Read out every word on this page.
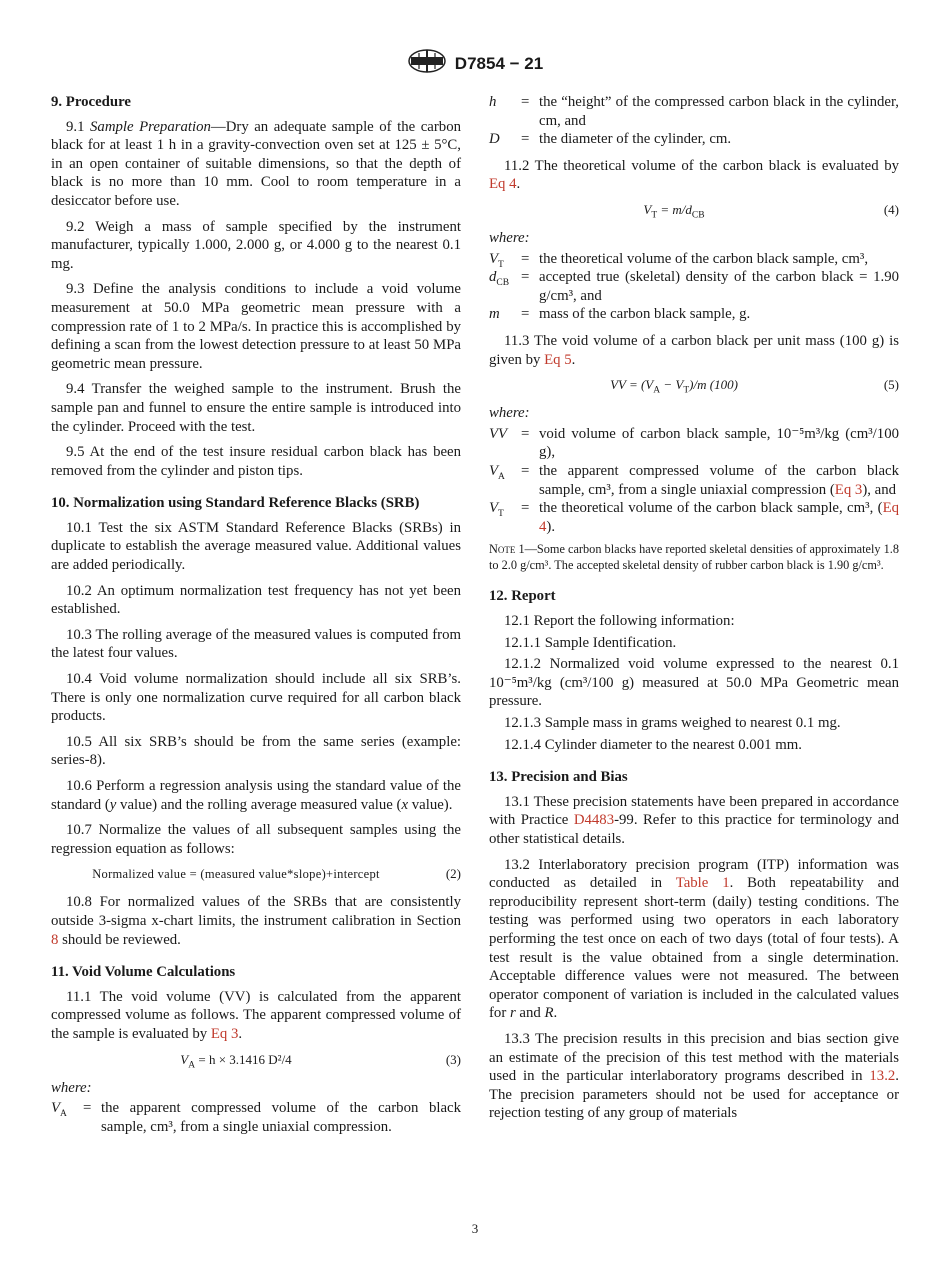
D7854 − 21
9. Procedure

9.1 Sample Preparation—Dry an adequate sample of the carbon black for at least 1 h in a gravity-convection oven set at 125 ± 5°C, in an open container of suitable dimensions, so that the depth of black is no more than 10 mm. Cool to room temperature in a desiccator before use.

9.2 Weigh a mass of sample specified by the instrument manufacturer, typically 1.000, 2.000 g, or 4.000 g to the nearest 0.1 mg.

9.3 Define the analysis conditions to include a void volume measurement at 50.0 MPa geometric mean pressure with a compression rate of 1 to 2 MPa/s. In practice this is accomplished by defining a scan from the lowest detection pressure to at least 50 MPa geometric mean pressure.

9.4 Transfer the weighed sample to the instrument. Brush the sample pan and funnel to ensure the entire sample is introduced into the cylinder. Proceed with the test.

9.5 At the end of the test insure residual carbon black has been removed from the cylinder and piston tips.

10. Normalization using Standard Reference Blacks (SRB)

10.1 Test the six ASTM Standard Reference Blacks (SRBs) in duplicate to establish the average measured value. Additional values are added periodically.

10.2 An optimum normalization test frequency has not yet been established.

10.3 The rolling average of the measured values is computed from the latest four values.

10.4 Void volume normalization should include all six SRB’s. There is only one normalization curve required for all carbon black products.

10.5 All six SRB’s should be from the same series (example: series-8).

10.6 Perform a regression analysis using the standard value of the standard (y value) and the rolling average measured value (x value).

10.7 Normalize the values of all subsequent samples using the regression equation as follows:

Normalized value = (measured value*slope)+intercept	(2)

10.8 For normalized values of the SRBs that are consistently outside 3-sigma x-chart limits, the instrument calibration in Section 8 should be reviewed.

11. Void Volume Calculations

11.1 The void volume (VV) is calculated from the apparent compressed volume as follows. The apparent compressed volume of the sample is evaluated by Eq 3.

$V_A = h \times 3.1416$ D²/4	(3)
where:
$V_A$	= the apparent compressed volume of the carbon black sample, cm³, from a single uniaxial compression.
h	= the “height” of the compressed carbon black in the cylinder, cm, and
D	= the diameter of the cylinder, cm.

11.2 The theoretical volume of the carbon black is evaluated by Eq 4.

$V_T = m/d_{CB}$	(4)
where:
$V_T$	= the theoretical volume of the carbon black sample, cm³,
$d_{CB}$ = accepted true (skeletal) density of the carbon black = 1.90 g/cm³, and
m	= mass of the carbon black sample, g.

11.3 The void volume of a carbon black per unit mass (100 g) is given by Eq 5.

VV = $(V_A - V_T)/m$ (100)	(5)
where:
VV = void volume of carbon black sample, 10⁻⁵m³/kg (cm³/100 g),
$V_A$	= the apparent compressed volume of the carbon black sample, cm³, from a single uniaxial compression (Eq 3), and
$V_T$	= the theoretical volume of the carbon black sample, cm³, (Eq 4).
Note 1—Some carbon blacks have reported skeletal densities of approximately 1.8 to 2.0 g/cm³. The accepted skeletal density of rubber carbon black is 1.90 g/cm³.
12. Report

12.1 Report the following information:

12.1.1 Sample Identification.

12.1.2 Normalized void volume expressed to the nearest 0.1 10⁻⁵m³/kg (cm³/100 g) measured at 50.0 MPa Geometric mean pressure.

12.1.3 Sample mass in grams weighed to nearest 0.1 mg.

12.1.4 Cylinder diameter to the nearest 0.001 mm.

13. Precision and Bias

13.1 These precision statements have been prepared in accordance with Practice D4483-99. Refer to this practice for terminology and other statistical details.

13.2 Interlaboratory precision program (ITP) information was conducted as detailed in Table 1. Both repeatability and reproducibility represent short-term (daily) testing conditions. The testing was performed using two operators in each laboratory performing the test once on each of two days (total of four tests). A test result is the value obtained from a single determination. Acceptable difference values were not measured. The between operator component of variation is included in the calculated values for r and R.

13.3 The precision results in this precision and bias section give an estimate of the precision of this test method with the materials used in the particular interlaboratory programs described in 13.2. The precision parameters should not be used for acceptance or rejection testing of any group of materials

3
